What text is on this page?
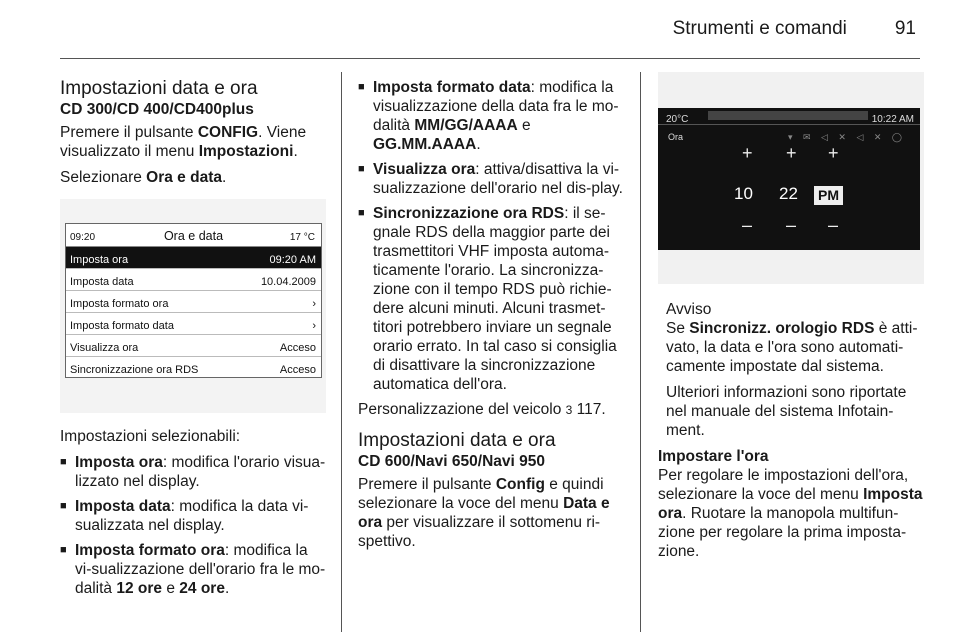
Strumenti e comandi	91
Impostazioni data e ora
CD 300/CD 400/CD400plus

Premere il pulsante CONFIG. Viene visualizzato il menu Impostazioni.

Selezionare Ora e data.

09:20	Ora e data	17 °C
Imposta ora	09:20 AM
Imposta data	10.04.2009
Imposta formato ora	›
Imposta formato data	›
Visualizza ora	Acceso
Sincronizzazione ora RDS	Acceso

Impostazioni selezionabili:

■ Imposta ora: modifica l'orario visua-lizzato nel display.
■ Imposta data: modifica la data vi-sualizzata nel display.
■ Imposta formato ora: modifica la vi-sualizzazione dell'orario fra le mo-dalità 12 ore e 24 ore.
■ Imposta formato data: modifica la visualizzazione della data fra le mo-dalità MM/GG/AAAA e GG.MM.AAAA.
■ Visualizza ora: attiva/disattiva la vi-sualizzazione dell'orario nel dis-play.
■ Sincronizzazione ora RDS: il se-gnale RDS della maggior parte dei trasmettitori VHF imposta automa-ticamente l'orario. La sincronizza-zione con il tempo RDS può richie-dere alcuni minuti. Alcuni trasmet-titori potrebbero inviare un segnale orario errato. In tal caso si consiglia di disattivare la sincronizzazione automatica dell'ora.

Personalizzazione del veicolo 3 117.

Impostazioni data e ora
CD 600/Navi 650/Navi 950

Premere il pulsante Config e quindi selezionare la voce del menu Data e ora per visualizzare il sottomenu ri-spettivo.

20°C	10:22 AM
Ora	▾ ✉ ◁ ✕ ◁ ✕ ◯
+ + +
10 22 PM
– – –
Avviso

Se Sincronizz. orologio RDS è atti-vato, la data e l'ora sono automati-camente impostate dal sistema.

Ulteriori informazioni sono riportate nel manuale del sistema Infotain-ment.

Impostare l'ora

Per regolare le impostazioni dell'ora, selezionare la voce del menu Imposta ora. Ruotare la manopola multifun-zione per regolare la prima imposta-zione.
